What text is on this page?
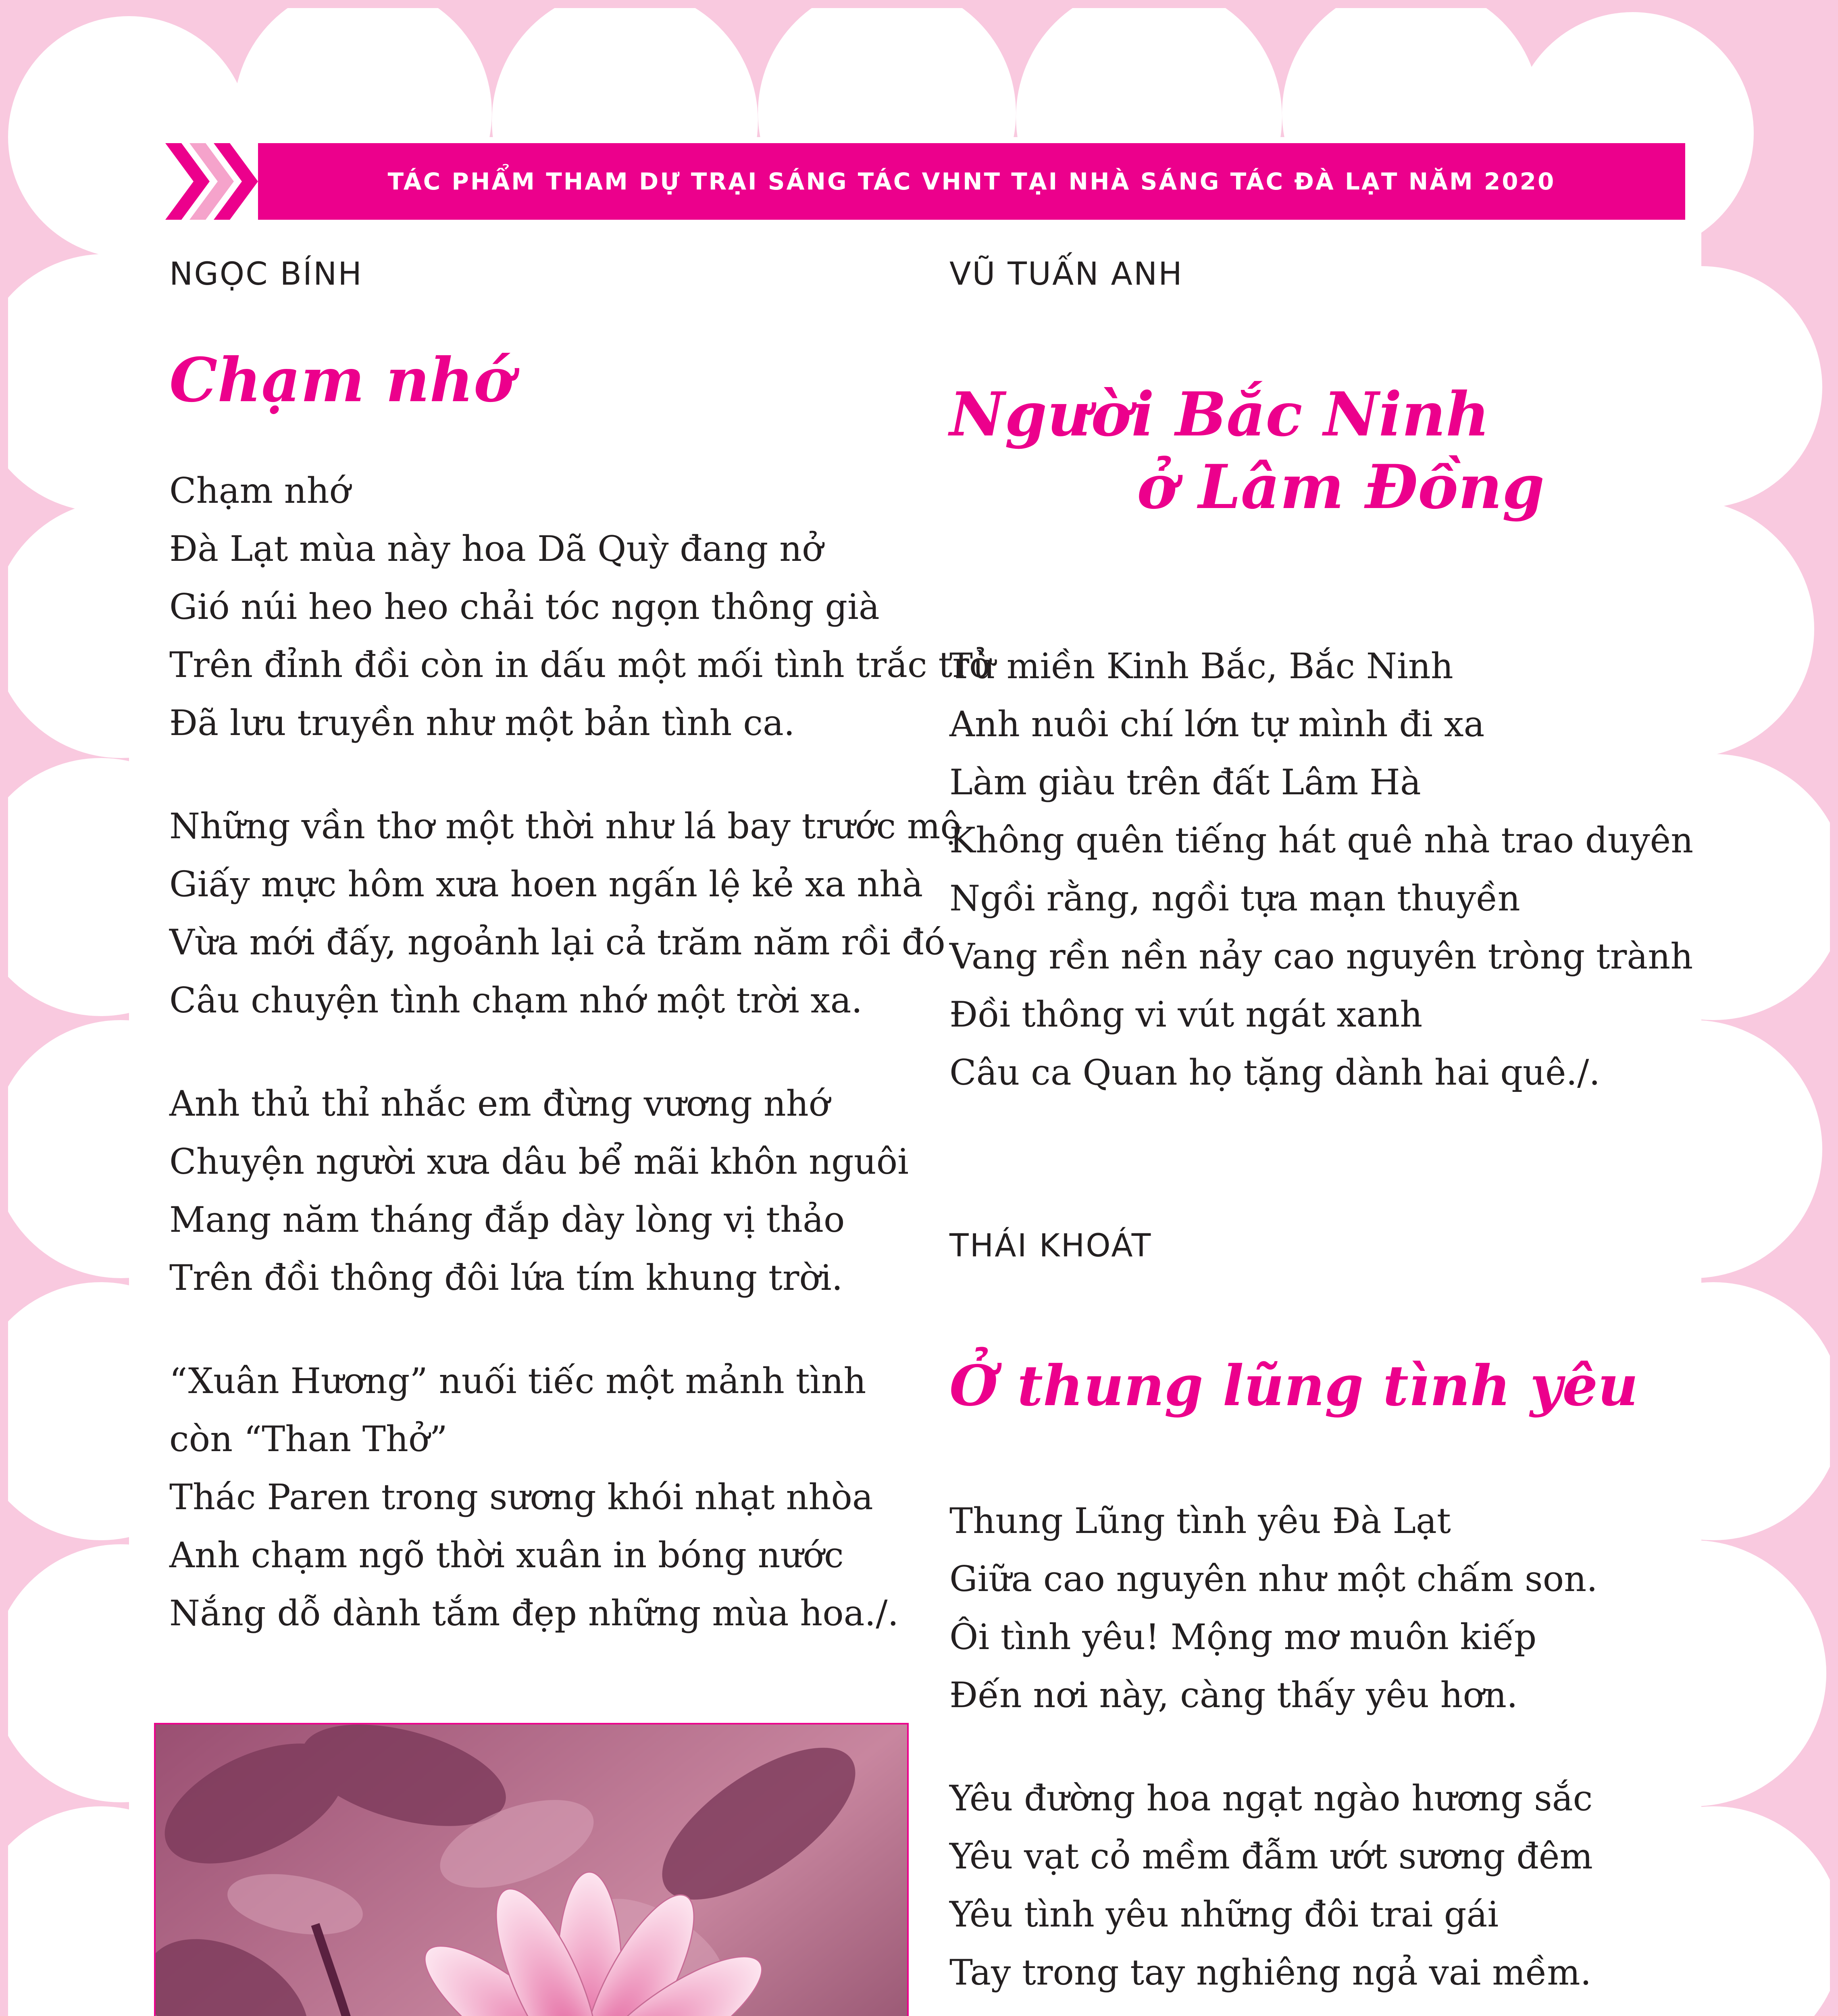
TÁC PHẨM THAM DỰ TRẠI SÁNG TÁC VHNT TẠI NHÀ SÁNG TÁC ĐÀ LẠT NĂM 2020
NGỌC BÍNH
Chạm nhớ
Chạm nhớ
Đà Lạt mùa này hoa Dã Quỳ đang nở
Gió núi heo heo chải tóc ngọn thông già
Trên đỉnh đồi còn in dấu một mối tình trắc trở
Đã lưu truyền như một bản tình ca.
Những vần thơ một thời như lá bay trước mộ
Giấy mực hôm xưa hoen ngấn lệ kẻ xa nhà
Vừa mới đấy, ngoảnh lại cả trăm năm rồi đó
Câu chuyện tình chạm nhớ một trời xa.
Anh thủ thỉ nhắc em đừng vương nhớ
Chuyện người xưa dâu bể mãi khôn nguôi
Mang năm tháng đắp dày lòng vị thảo
Trên đồi thông đôi lứa tím khung trời.
“Xuân Hương” nuối tiếc một mảnh tình
còn “Than Thở”
Thác Paren trong sương khói nhạt nhòa
Anh chạm ngõ thời xuân in bóng nước
Nắng dỗ dành tắm đẹp những mùa hoa./.
VŨ TUẤN ANH
Người Bắc Ninh
ở Lâm Đồng
Từ miền Kinh Bắc, Bắc Ninh
Anh nuôi chí lớn tự mình đi xa
Làm giàu trên đất Lâm Hà
Không quên tiếng hát quê nhà trao duyên
Ngồi rằng, ngồi tựa mạn thuyền
Vang rền nền nảy cao nguyên tròng trành
Đồi thông vi vút ngát xanh
Câu ca Quan họ tặng dành hai quê./.
THÁI KHOÁT
Ở thung lũng tình yêu
Thung Lũng tình yêu Đà Lạt
Giữa cao nguyên như một chấm son.
Ôi tình yêu! Mộng mơ muôn kiếp
Đến nơi này, càng thấy yêu hơn.
Yêu đường hoa ngạt ngào hương sắc
Yêu vạt cỏ mềm đẫm ướt sương đêm
Yêu tình yêu những đôi trai gái
Tay trong tay nghiêng ngả vai mềm.
